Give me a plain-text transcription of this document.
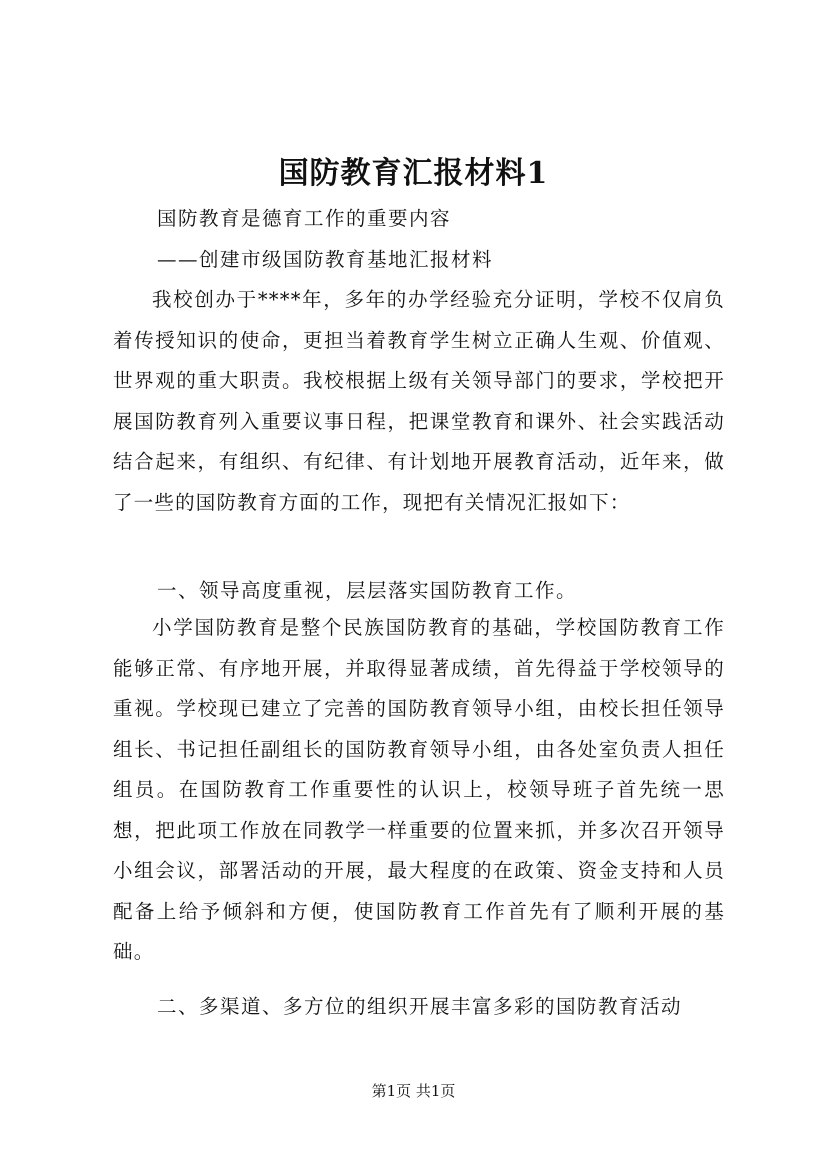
国防教育汇报材料1
国防教育是德育工作的重要内容
——创建市级国防教育基地汇报材料

我校创办于****年，多年的办学经验充分证明，学校不仅肩负着传授知识的使命，更担当着教育学生树立正确人生观、价值观、世界观的重大职责。我校根据上级有关领导部门的要求，学校把开展国防教育列入重要议事日程，把课堂教育和课外、社会实践活动结合起来，有组织、有纪律、有计划地开展教育活动，近年来，做了一些的国防教育方面的工作，现把有关情况汇报如下：

一、领导高度重视，层层落实国防教育工作。

小学国防教育是整个民族国防教育的基础，学校国防教育工作能够正常、有序地开展，并取得显著成绩，首先得益于学校领导的重视。学校现已建立了完善的国防教育领导小组，由校长担任领导组长、书记担任副组长的国防教育领导小组，由各处室负责人担任组员。在国防教育工作重要性的认识上，校领导班子首先统一思想，把此项工作放在同教学一样重要的位置来抓，并多次召开领导小组会议，部署活动的开展，最大程度的在政策、资金支持和人员配备上给予倾斜和方便，使国防教育工作首先有了顺利开展的基础。

二、多渠道、多方位的组织开展丰富多彩的国防教育活动
第1页 共1页
